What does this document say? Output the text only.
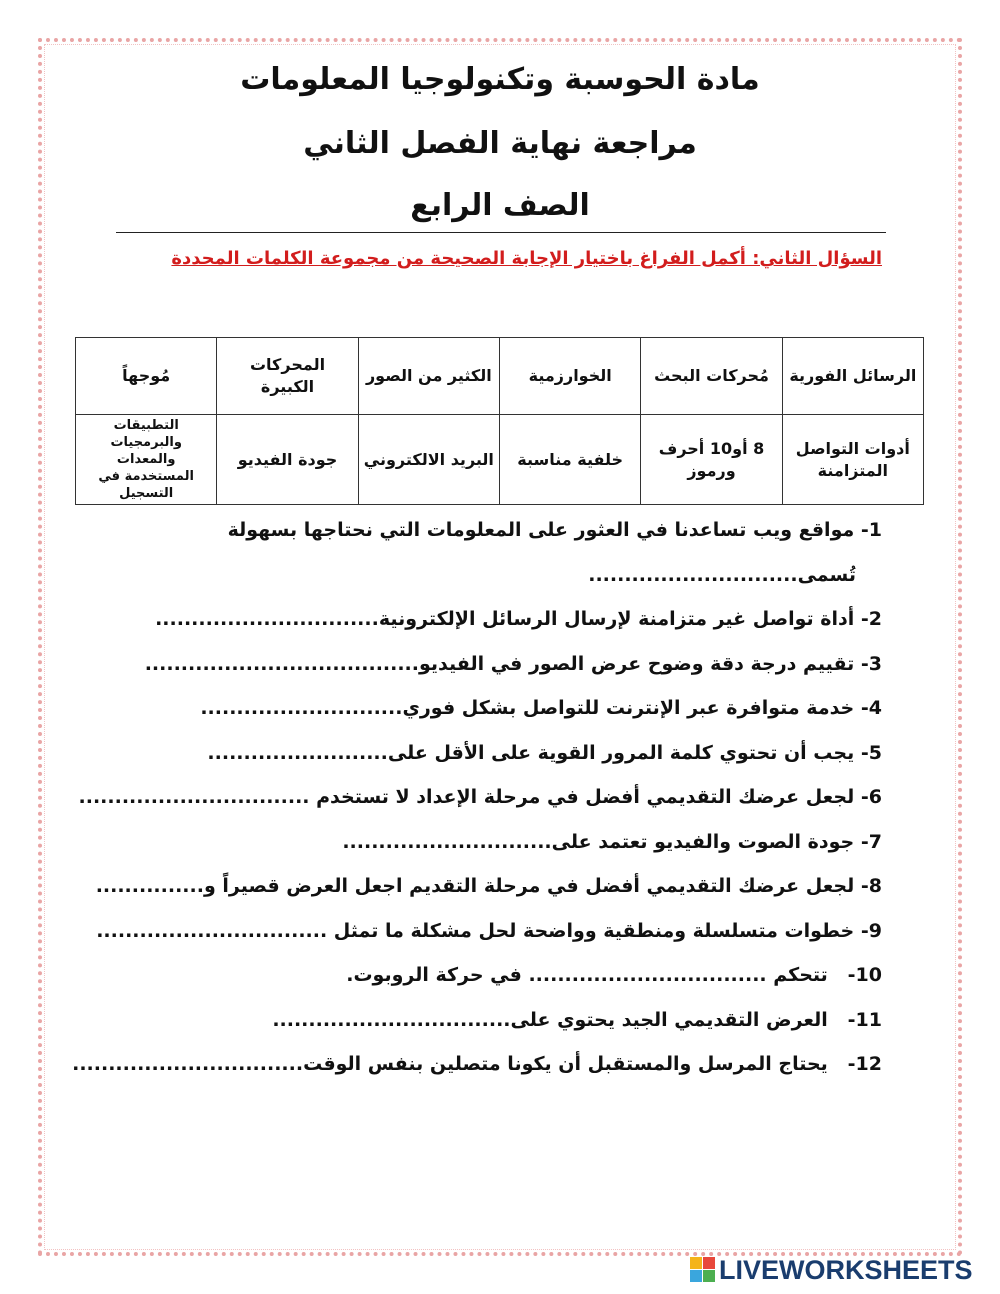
مادة الحوسبة وتكنولوجيا المعلومات
مراجعة نهاية الفصل الثاني
الصف الرابع
السؤال الثاني: أكمل الفراغ باختيار الإجابة الصحيحة من مجموعة الكلمات المحددة
الرسائل الفورية	مُحركات البحث	الخوارزمية	الكثير من الصور	المحركات الكبيرة	مُوجهاً
أدوات التواصل المتزامنة	8 أو10 أحرف ورموز	خلفية مناسبة	البريد الالكتروني	جودة الفيديو	التطبيقات والبرمجيات والمعدات المستخدمة في التسجيل
1- مواقع ويب تساعدنا في العثور على المعلومات التي نحتاجها بسهولة
تُسمى.............................
2- أداة تواصل غير متزامنة لإرسال الرسائل الإلكترونية...............................
3- تقييم درجة دقة وضوح عرض الصور في الفيديو......................................
4- خدمة متوافرة عبر الإنترنت للتواصل بشكل فوري............................
5- يجب أن تحتوي كلمة المرور القوية على الأقل على.........................
6- لجعل عرضك التقديمي أفضل في مرحلة الإعداد لا تستخدم ................................
7- جودة الصوت والفيديو تعتمد على.............................
8- لجعل عرضك التقديمي أفضل في مرحلة التقديم اجعل العرض قصيراً و...............
9- خطوات متسلسلة ومنطقية وواضحة لحل مشكلة ما تمثل ................................
10-   تتحكم ................................. في حركة الروبوت.
11-   العرض التقديمي الجيد يحتوي على.................................
12-   يحتاج المرسل والمستقبل أن يكونا متصلين بنفس الوقت................................
LIVEWORKSHEETS
